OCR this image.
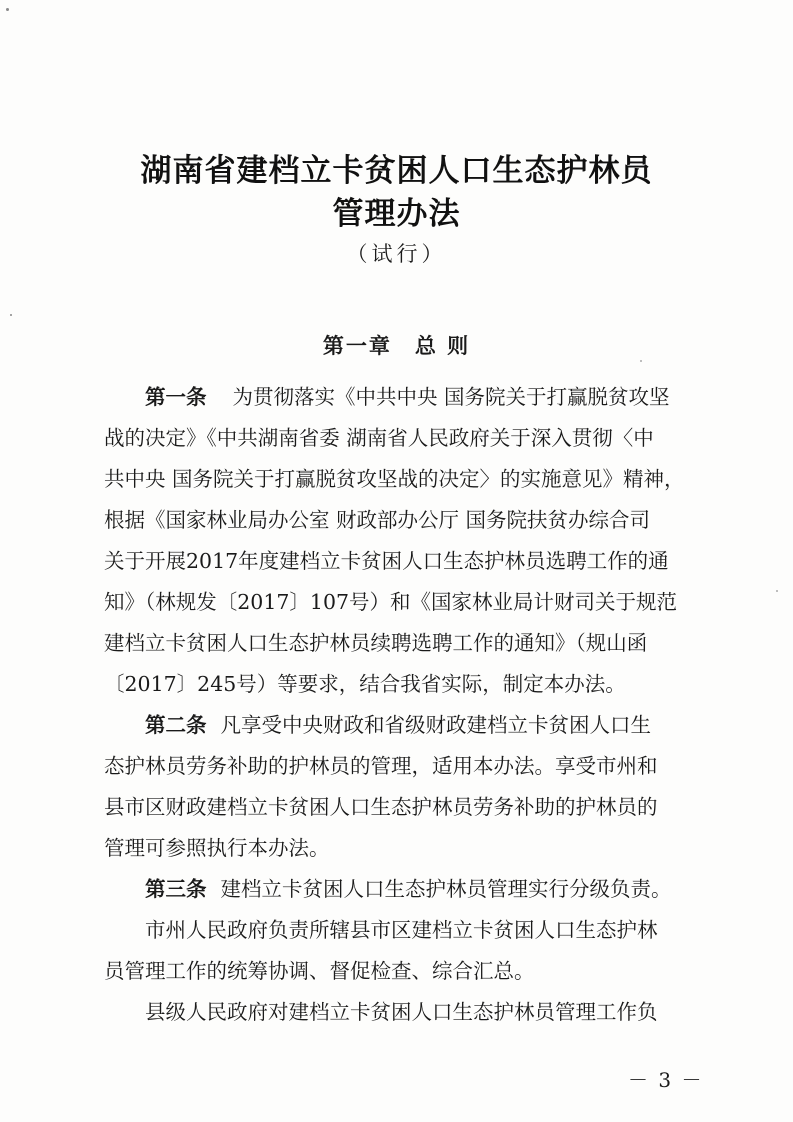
湖南省建档立卡贫困人口生态护林员
管理办法
（试行）
第一章　总 则
第一条 为贯彻落实《中共中央 国务院关于打赢脱贫攻坚
战的决定》《中共湖南省委 湖南省人民政府关于深入贯彻〈中
共中央 国务院关于打赢脱贫攻坚战的决定〉的实施意见》精神，
根据《国家林业局办公室 财政部办公厅 国务院扶贫办综合司
关于开展2017年度建档立卡贫困人口生态护林员选聘工作的通
知》（林规发〔2017〕107号）和《国家林业局计财司关于规范
建档立卡贫困人口生态护林员续聘选聘工作的通知》（规山函
〔2017〕245号）等要求，结合我省实际，制定本办法。
第二条 凡享受中央财政和省级财政建档立卡贫困人口生
态护林员劳务补助的护林员的管理，适用本办法。享受市州和
县市区财政建档立卡贫困人口生态护林员劳务补助的护林员的
管理可参照执行本办法。
第三条 建档立卡贫困人口生态护林员管理实行分级负责。
市州人民政府负责所辖县市区建档立卡贫困人口生态护林
员管理工作的统筹协调、督促检查、综合汇总。
县级人民政府对建档立卡贫困人口生态护林员管理工作负
－ 3 －
